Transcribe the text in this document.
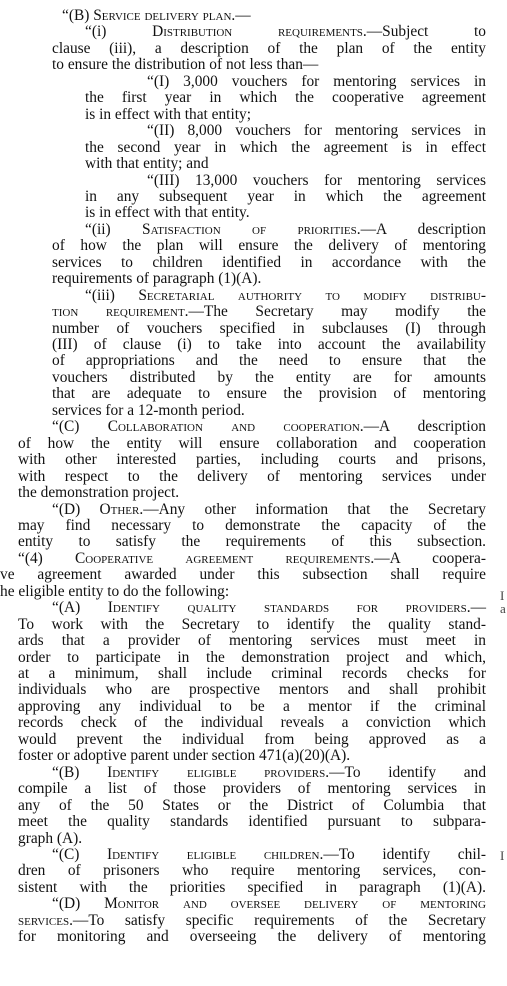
“(B) Service delivery plan.—
“(i) Distribution requirements.—Subject to
clause (iii), a description of the plan of the entity
to ensure the distribution of not less than—
“(I) 3,000 vouchers for mentoring services in
the first year in which the cooperative agreement
is in effect with that entity;
“(II) 8,000 vouchers for mentoring services in
the second year in which the agreement is in effect
with that entity; and
“(III) 13,000 vouchers for mentoring services
in any subsequent year in which the agreement
is in effect with that entity.
“(ii) Satisfaction of priorities.—A description
of how the plan will ensure the delivery of mentoring
services to children identified in accordance with the
requirements of paragraph (1)(A).
“(iii) Secretarial authority to modify distribu-
tion requirement.—The Secretary may modify the
number of vouchers specified in subclauses (I) through
(III) of clause (i) to take into account the availability
of appropriations and the need to ensure that the
vouchers distributed by the entity are for amounts
that are adequate to ensure the provision of mentoring
services for a 12-month period.
“(C) Collaboration and cooperation.—A description
of how the entity will ensure collaboration and cooperation
with other interested parties, including courts and prisons,
with respect to the delivery of mentoring services under
the demonstration project.
“(D) Other.—Any other information that the Secretary
may find necessary to demonstrate the capacity of the
entity to satisfy the requirements of this subsection.
“(4) Cooperative agreement requirements.—A coopera-
ve agreement awarded under this subsection shall require
he eligible entity to do the following:
“(A) Identify quality standards for providers.—
To work with the Secretary to identify the quality stand-
ards that a provider of mentoring services must meet in
order to participate in the demonstration project and which,
at a minimum, shall include criminal records checks for
individuals who are prospective mentors and shall prohibit
approving any individual to be a mentor if the criminal
records check of the individual reveals a conviction which
would prevent the individual from being approved as a
foster or adoptive parent under section 471(a)(20)(A).
“(B) Identify eligible providers.—To identify and
compile a list of those providers of mentoring services in
any of the 50 States or the District of Columbia that
meet the quality standards identified pursuant to subpara-
graph (A).
“(C) Identify eligible children.—To identify chil-
dren of prisoners who require mentoring services, con-
sistent with the priorities specified in paragraph (1)(A).
“(D) Monitor and oversee delivery of mentoring
services.—To satisfy specific requirements of the Secretary
for monitoring and overseeing the delivery of mentoring
I
a
I
